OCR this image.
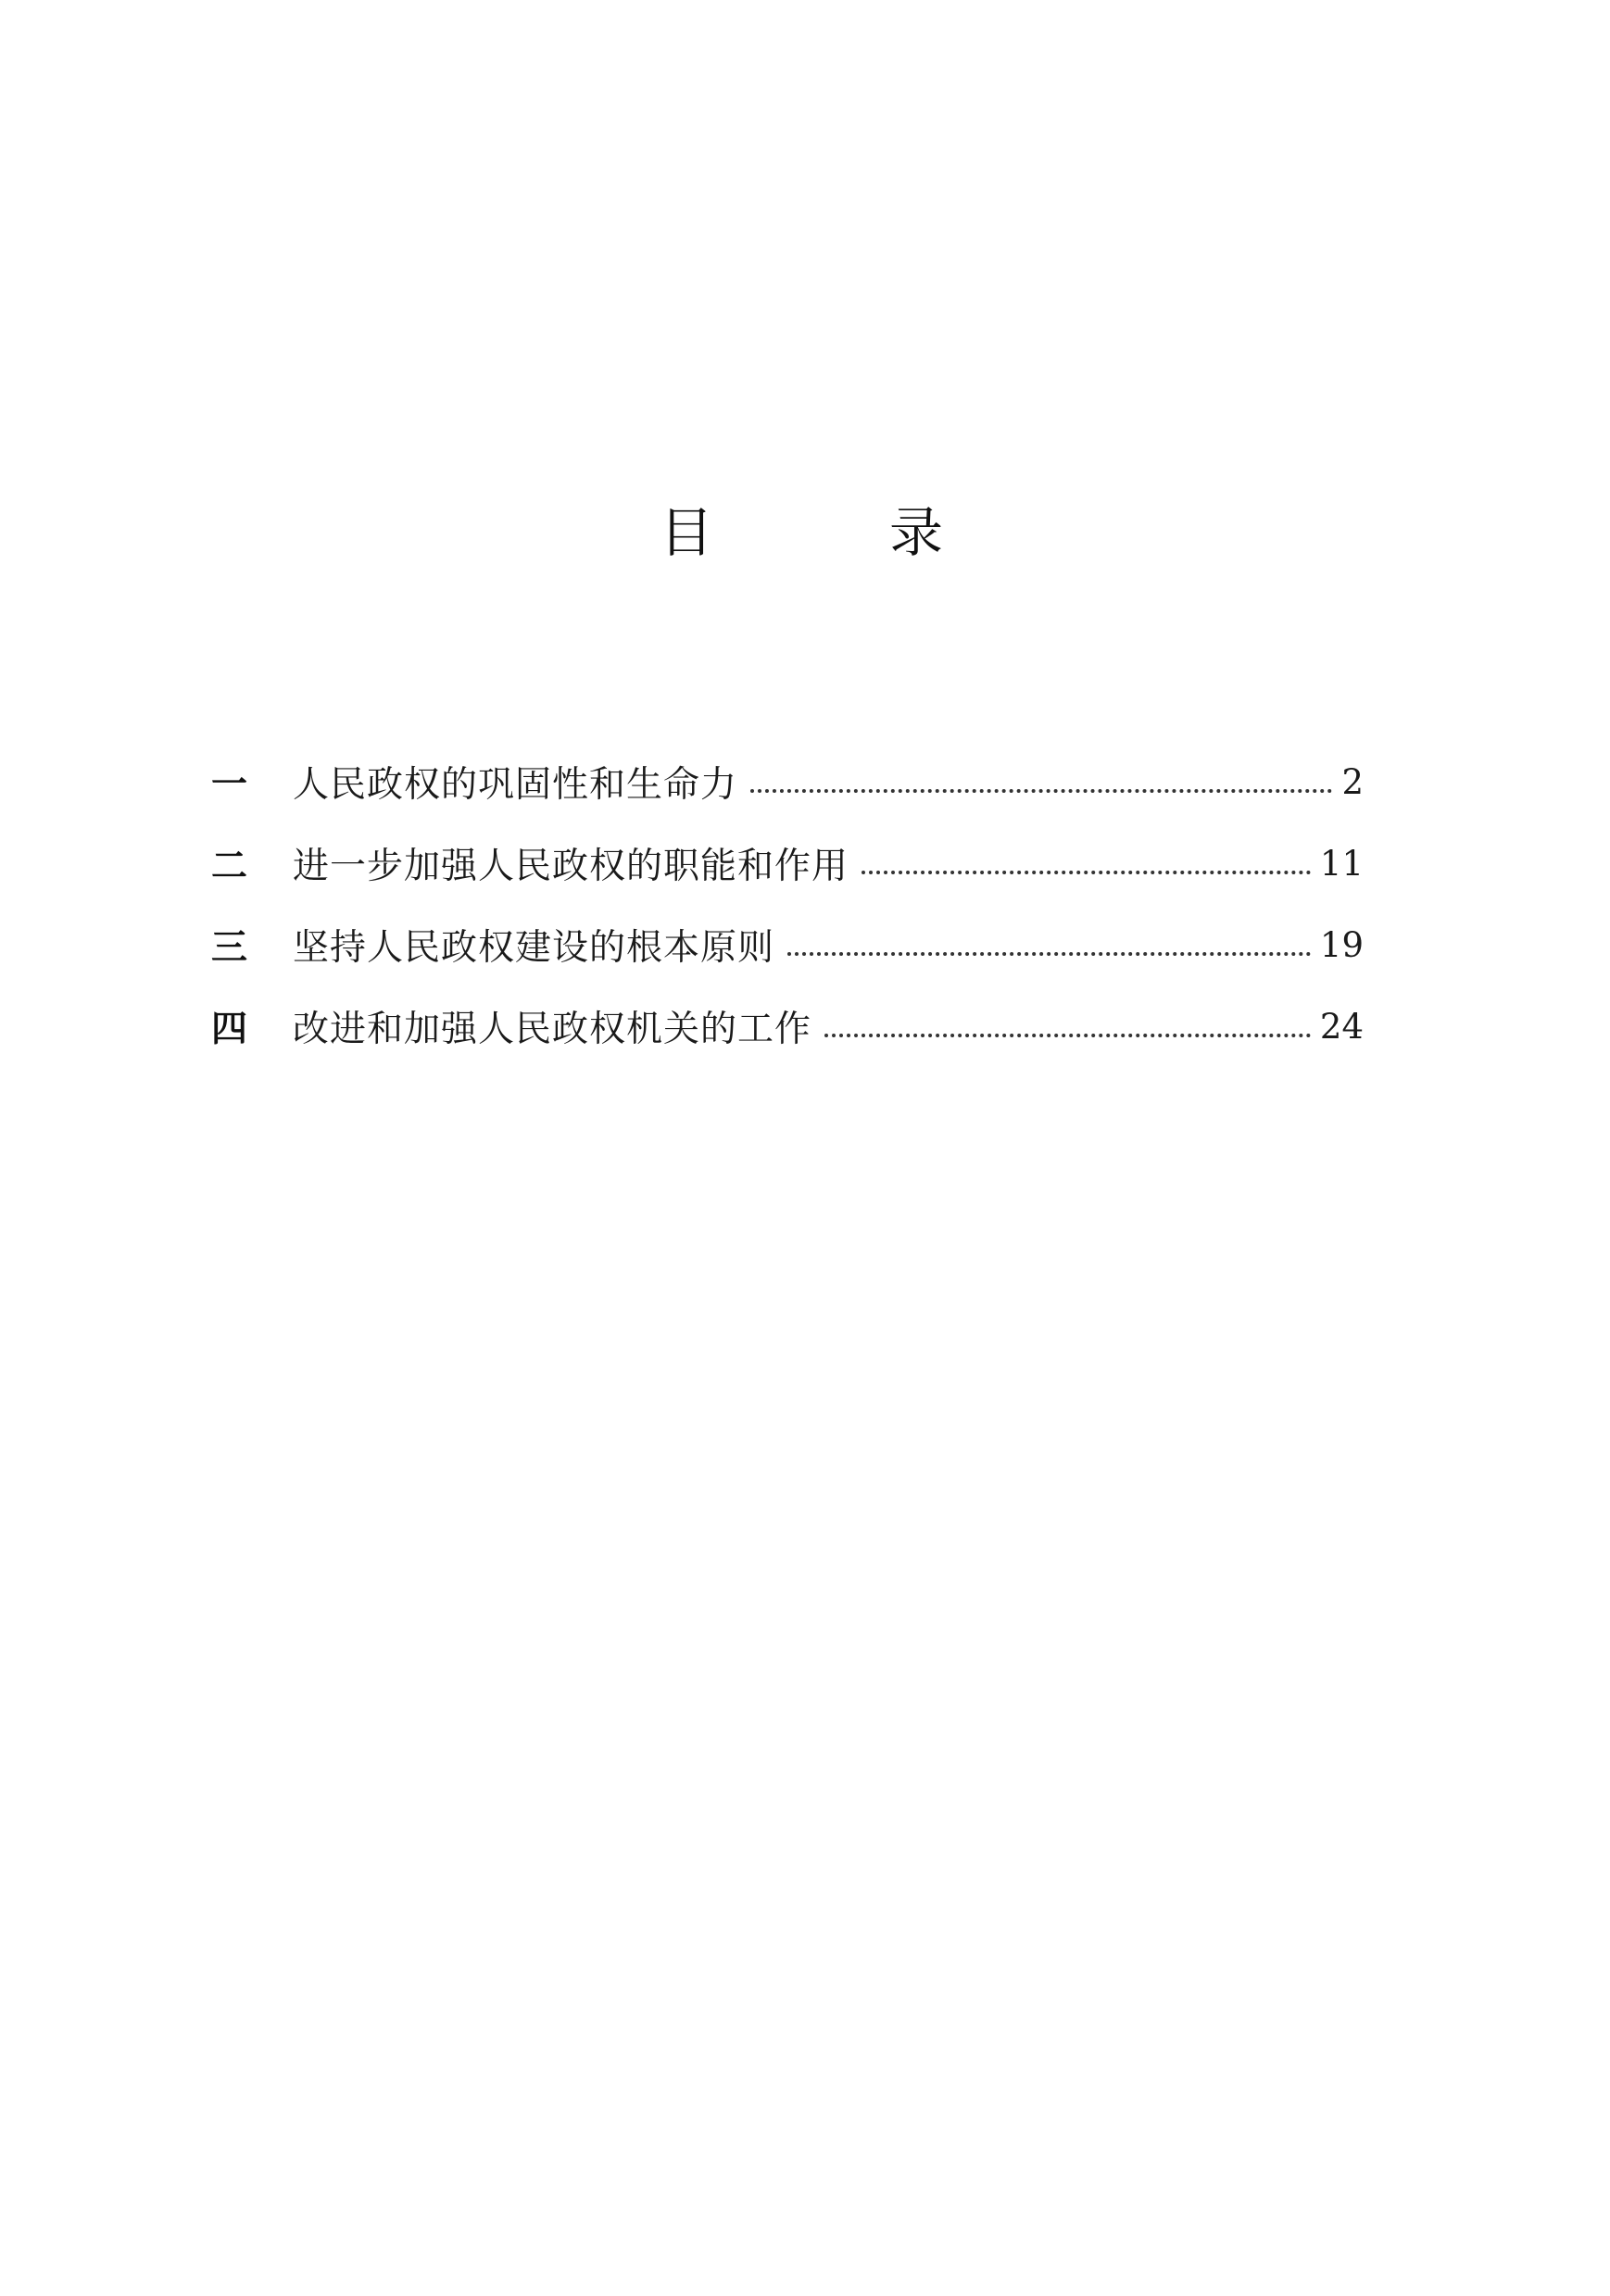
目	录
一	人民政权的巩固性和生命力	2
二	进一步加强人民政权的职能和作用	11
三	坚持人民政权建设的根本原则	19
四	改进和加强人民政权机关的工作	24
